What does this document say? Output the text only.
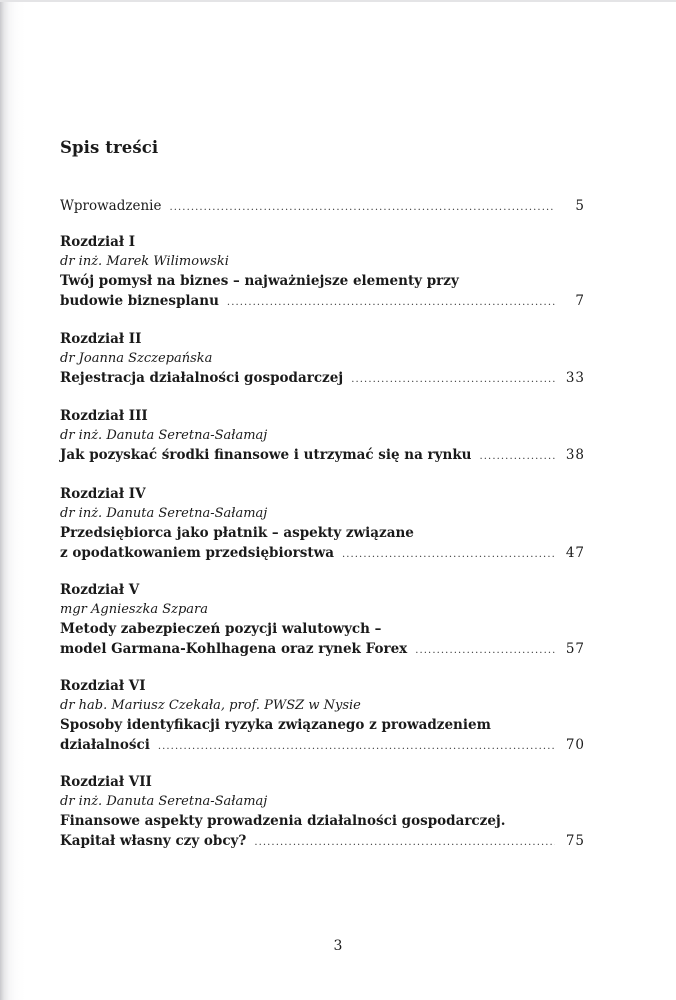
Spis treści
Wprowadzenie .....	5
Rozdział I
dr inż. Marek Wilimowski
Twój pomysł na biznes – najważniejsze elementy przy
budowie biznesplanu .....	7
Rozdział II
dr Joanna Szczepańska
Rejestracja działalności gospodarczej .....	33
Rozdział III
dr inż. Danuta Seretna-Sałamaj
Jak pozyskać środki finansowe i utrzymać się na rynku .....	38
Rozdział IV
dr inż. Danuta Seretna-Sałamaj
Przedsiębiorca jako płatnik – aspekty związane
z opodatkowaniem przedsiębiorstwa .....	47
Rozdział V
mgr Agnieszka Szpara
Metody zabezpieczeń pozycji walutowych –
model Garmana-Kohlhagena oraz rynek Forex .....	57
Rozdział VI
dr hab. Mariusz Czekała, prof. PWSZ w Nysie
Sposoby identyfikacji ryzyka związanego z prowadzeniem
działalności .....	70
Rozdział VII
dr inż. Danuta Seretna-Sałamaj
Finansowe aspekty prowadzenia działalności gospodarczej.
Kapitał własny czy obcy? .....	75
3
